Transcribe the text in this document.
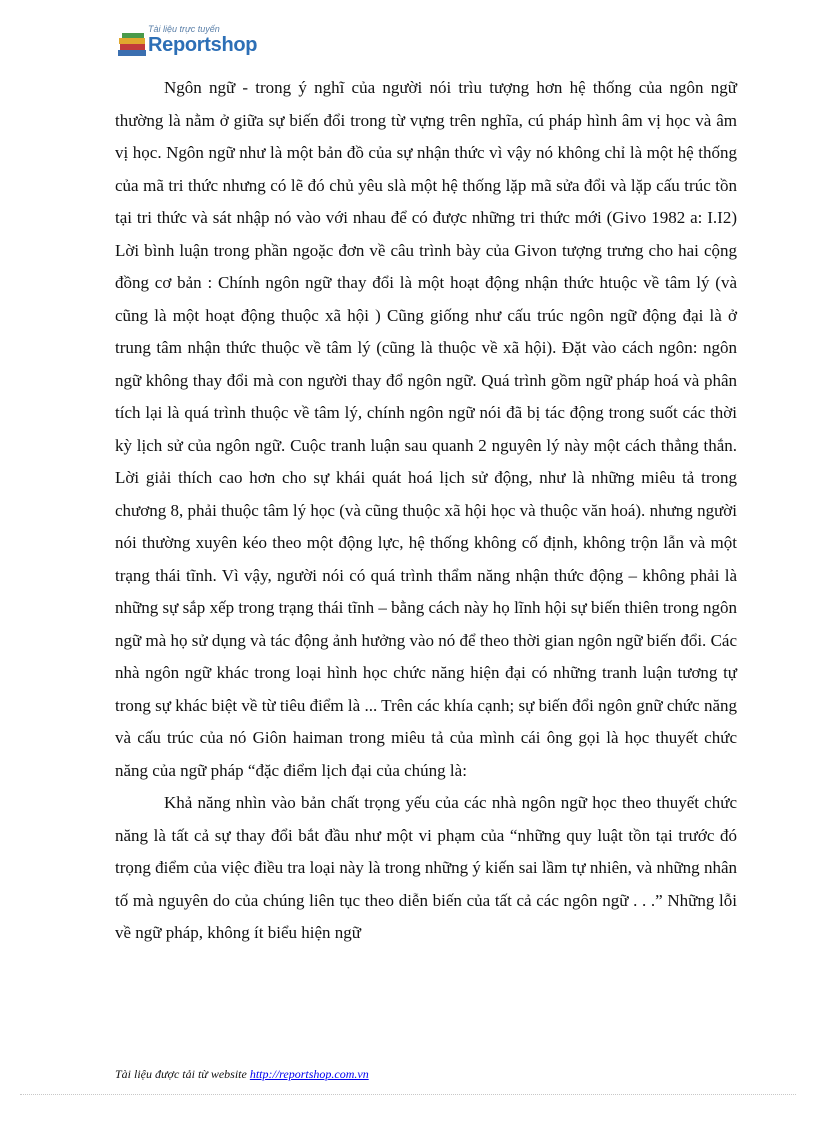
Tài liệu trực tuyến
Reportshop

Ngôn ngữ - trong ý nghĩ của người nói trìu tượng hơn hệ thống của ngôn ngữ thường là nằm ở giữa sự biến đổi trong từ vựng trên nghĩa, cú pháp hình âm vị học và âm vị học. Ngôn ngữ như là một bản đồ của sự nhận thức vì vậy nó không chỉ là một hệ thống của mã tri thức nhưng có lẽ đó chủ yêu slà một hệ thống lặp mã sửa đổi và lặp cấu trúc tồn tại tri thức và sát nhập nó vào với nhau để có được những tri thức mới (Givo 1982 a: I.I2) Lời bình luận trong phần ngoặc đơn về câu trình bày của Givon tượng trưng cho hai cộng đồng cơ bản : Chính ngôn ngữ thay đổi là một hoạt động nhận thức htuộc về tâm lý (và cũng là một hoạt động thuộc xã hội ) Cũng giống như cấu trúc ngôn ngữ động đại là ở trung tâm nhận thức thuộc về tâm lý (cũng là thuộc về xã hội). Đặt vào cách ngôn: ngôn ngữ không thay đổi mà con người thay đổ ngôn ngữ. Quá trình gồm ngữ pháp hoá và phân tích lại là quá trình thuộc về tâm lý, chính ngôn ngữ nói đã bị tác động trong suốt các thời kỳ lịch sử của ngôn ngữ. Cuộc tranh luận sau quanh 2 nguyên lý này một cách thẳng thắn. Lời giải thích cao hơn cho sự khái quát hoá lịch sử động, như là những miêu tả trong chương 8, phải thuộc tâm lý học (và cũng thuộc xã hội học và thuộc văn hoá). nhưng người nói thường xuyên kéo theo một động lực, hệ thống không cố định, không trộn lẫn và một trạng thái tĩnh. Vì vậy, người nói có quá trình thẩm năng nhận thức động – không phải là những sự sắp xếp trong trạng thái tĩnh – bằng cách này họ lĩnh hội sự biến thiên trong ngôn ngữ mà họ sử dụng và tác động ảnh hưởng vào nó để theo thời gian ngôn ngữ biến đổi. Các nhà ngôn ngữ khác trong loại hình học chức năng hiện đại có những tranh luận tương tự trong sự khác biệt về từ tiêu điểm là ... Trên các khía cạnh; sự biến đổi ngôn gnữ chức năng và cấu trúc của nó Giôn haiman trong miêu tả của mình cái ông gọi là học thuyết chức năng của ngữ pháp “đặc điểm lịch đại của chúng là:

Khả năng nhìn vào bản chất trọng yếu của các nhà ngôn ngữ học theo thuyết chức năng là tất cả sự thay đổi bắt đầu như một vi phạm của “những quy luật tồn tại trước đó trọng điểm của việc điều tra loại này là trong những ý kiến sai lầm tự nhiên, và những nhân tố mà nguyên do của chúng liên tục theo diễn biến của tất cả các ngôn ngữ . . .” Những lỗi về ngữ pháp, không ít biểu hiện ngữ

Tài liệu được tải từ website http://reportshop.com.vn
